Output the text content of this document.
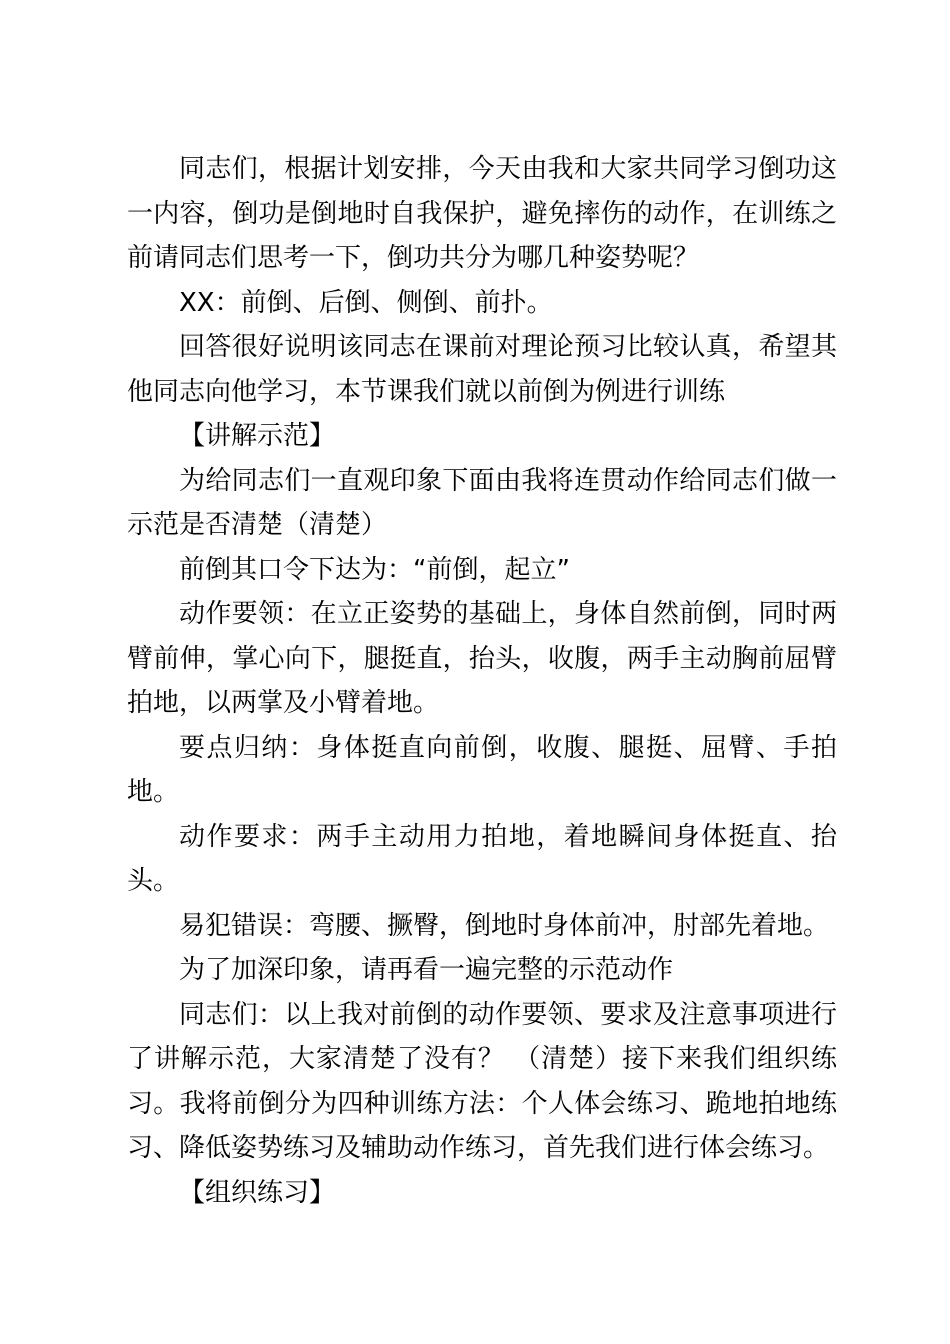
同志们，根据计划安排，今天由我和大家共同学习倒功这一内容，倒功是倒地时自我保护，避免摔伤的动作，在训练之前请同志们思考一下，倒功共分为哪几种姿势呢？

XX：前倒、后倒、侧倒、前扑。

回答很好说明该同志在课前对理论预习比较认真，希望其他同志向他学习，本节课我们就以前倒为例进行训练

【讲解示范】

为给同志们一直观印象下面由我将连贯动作给同志们做一示范是否清楚（清楚）

前倒其口令下达为：“前倒，起立”

动作要领：在立正姿势的基础上，身体自然前倒，同时两臂前伸，掌心向下，腿挺直，抬头，收腹，两手主动胸前屈臂拍地，以两掌及小臂着地。

要点归纳：身体挺直向前倒，收腹、腿挺、屈臂、手拍地。

动作要求：两手主动用力拍地，着地瞬间身体挺直、抬头。

易犯错误：弯腰、撅臀，倒地时身体前冲，肘部先着地。

为了加深印象，请再看一遍完整的示范动作

同志们：以上我对前倒的动作要领、要求及注意事项进行了讲解示范，大家清楚了没有？ （清楚）接下来我们组织练习。我将前倒分为四种训练方法：个人体会练习、跪地拍地练习、降低姿势练习及辅助动作练习，首先我们进行体会练习。

【组织练习】
